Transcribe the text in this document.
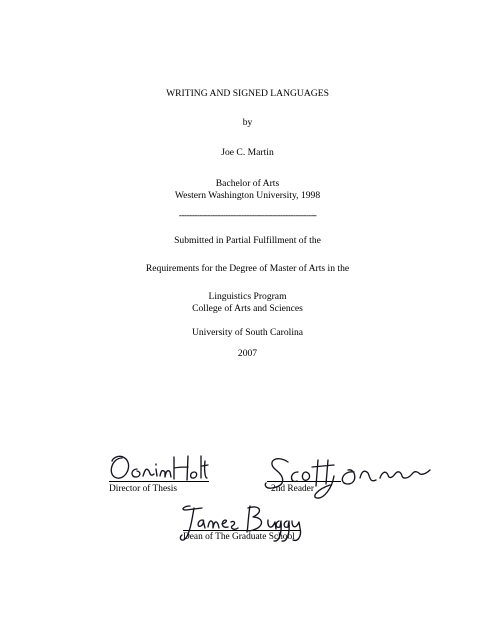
WRITING AND SIGNED LANGUAGES
by
Joe C. Martin
Bachelor of Arts
Western Washington University, 1998
-----------------------------------------------------
Submitted in Partial Fulfillment of the
Requirements for the Degree of Master of Arts in the
Linguistics Program
College of Arts and Sciences
University of South Carolina
2007
Director of Thesis	2nd Reader
Dean of The Graduate School
